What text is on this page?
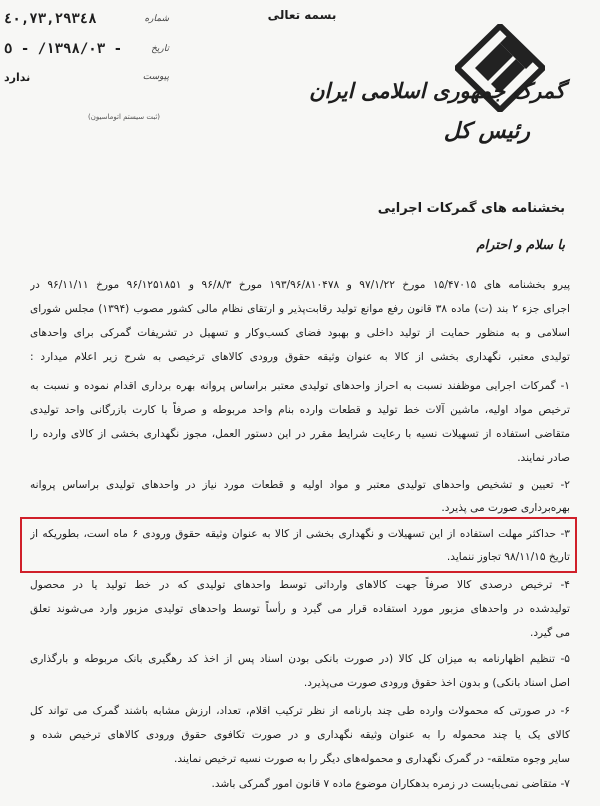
بسمه تعالی
٤٠,٧٣,٢٩٣٤٨	شماره
١٣٩٨/٠٣/ - ٥ -	تاریخ
ندارد	پیوست
(ثبت سیستم اتوماسیون)
گمرک جمهوری اسلامی ایران
رئیس کل
بخشنامه های گمرکات اجرایی
با سلام و احترام
پیرو بخشنامه های ۱۵/۴۷۰۱۵ مورخ ۹۷/۱/۲۲ و ۱۹۳/۹۶/۸۱۰۴۷۸ مورخ ۹۶/۸/۳ و ۹۶/۱۲۵۱۸۵۱ مورخ ۹۶/۱۱/۱۱ در
اجرای جزء ۲ بند (ت) ماده ۳۸ قانون رفع موانع تولید رقابت‌پذیر و ارتقای نظام مالی کشور مصوب (۱۳۹۴) مجلس شورای
اسلامی و به منظور حمایت از تولید داخلی و بهبود فضای کسب‌وکار و تسهیل در تشریفات گمرکی برای واحدهای
تولیدی معتبر، نگهداری بخشی از کالا به عنوان وثیقه حقوق ورودی کالاهای ترخیصی به شرح زیر اعلام میدارد :
۱- گمرکات اجرایی موظفند نسبت به احراز واحدهای تولیدی معتبر براساس پروانه بهره برداری اقدام نموده و نسبت به
ترخیص مواد اولیه، ماشین آلات خط تولید و قطعات وارده بنام واحد مربوطه و صرفاً با کارت بازرگانی واحد تولیدی
متقاضی استفاده از تسهیلات نسیه با رعایت شرایط مقرر در این دستور العمل، مجوز نگهداری بخشی از کالای وارده را
صادر نمایند.
۲- تعیین و تشخیص واحدهای تولیدی معتبر و مواد اولیه و قطعات مورد نیاز در واحدهای تولیدی براساس پروانه
بهره‌برداری صورت می پذیرد.
۳- حداکثر مهلت استفاده از این تسهیلات و نگهداری بخشی از کالا به عنوان وثیقه حقوق ورودی ۶ ماه است، بطوریکه از
تاریخ ۹۸/۱۱/۱۵ تجاوز ننماید.
۴- ترخیص درصدی کالا صرفاً جهت کالاهای وارداتی توسط واحدهای تولیدی که در خط تولید یا در محصول
تولیدشده در واحدهای مزبور مورد استفاده قرار می گیرد و رأساً توسط واحدهای تولیدی مزبور وارد می‌شوند تعلق
می گیرد.
۵- تنظیم اظهارنامه به میزان کل کالا (در صورت بانکی بودن اسناد پس از اخذ کد رهگیری بانک مربوطه و بارگذاری
اصل اسناد بانکی) و بدون اخذ حقوق ورودی صورت می‌پذیرد.
۶- در صورتی که محمولات وارده طی چند بارنامه از نظر ترکیب اقلام، تعداد، ارزش مشابه باشند گمرک می تواند کل
کالای یک یا چند محموله را به عنوان وثیقه نگهداری و در صورت تکافوی حقوق ورودی کالاهای ترخیص شده و
سایر وجوه متعلقه- در گمرک نگهداری و محموله‌های دیگر را به صورت نسیه ترخیص نمایند.
۷- متقاضی نمی‌بایست در زمره بدهکاران موضوع ماده ۷ قانون امور گمرکی باشد.
